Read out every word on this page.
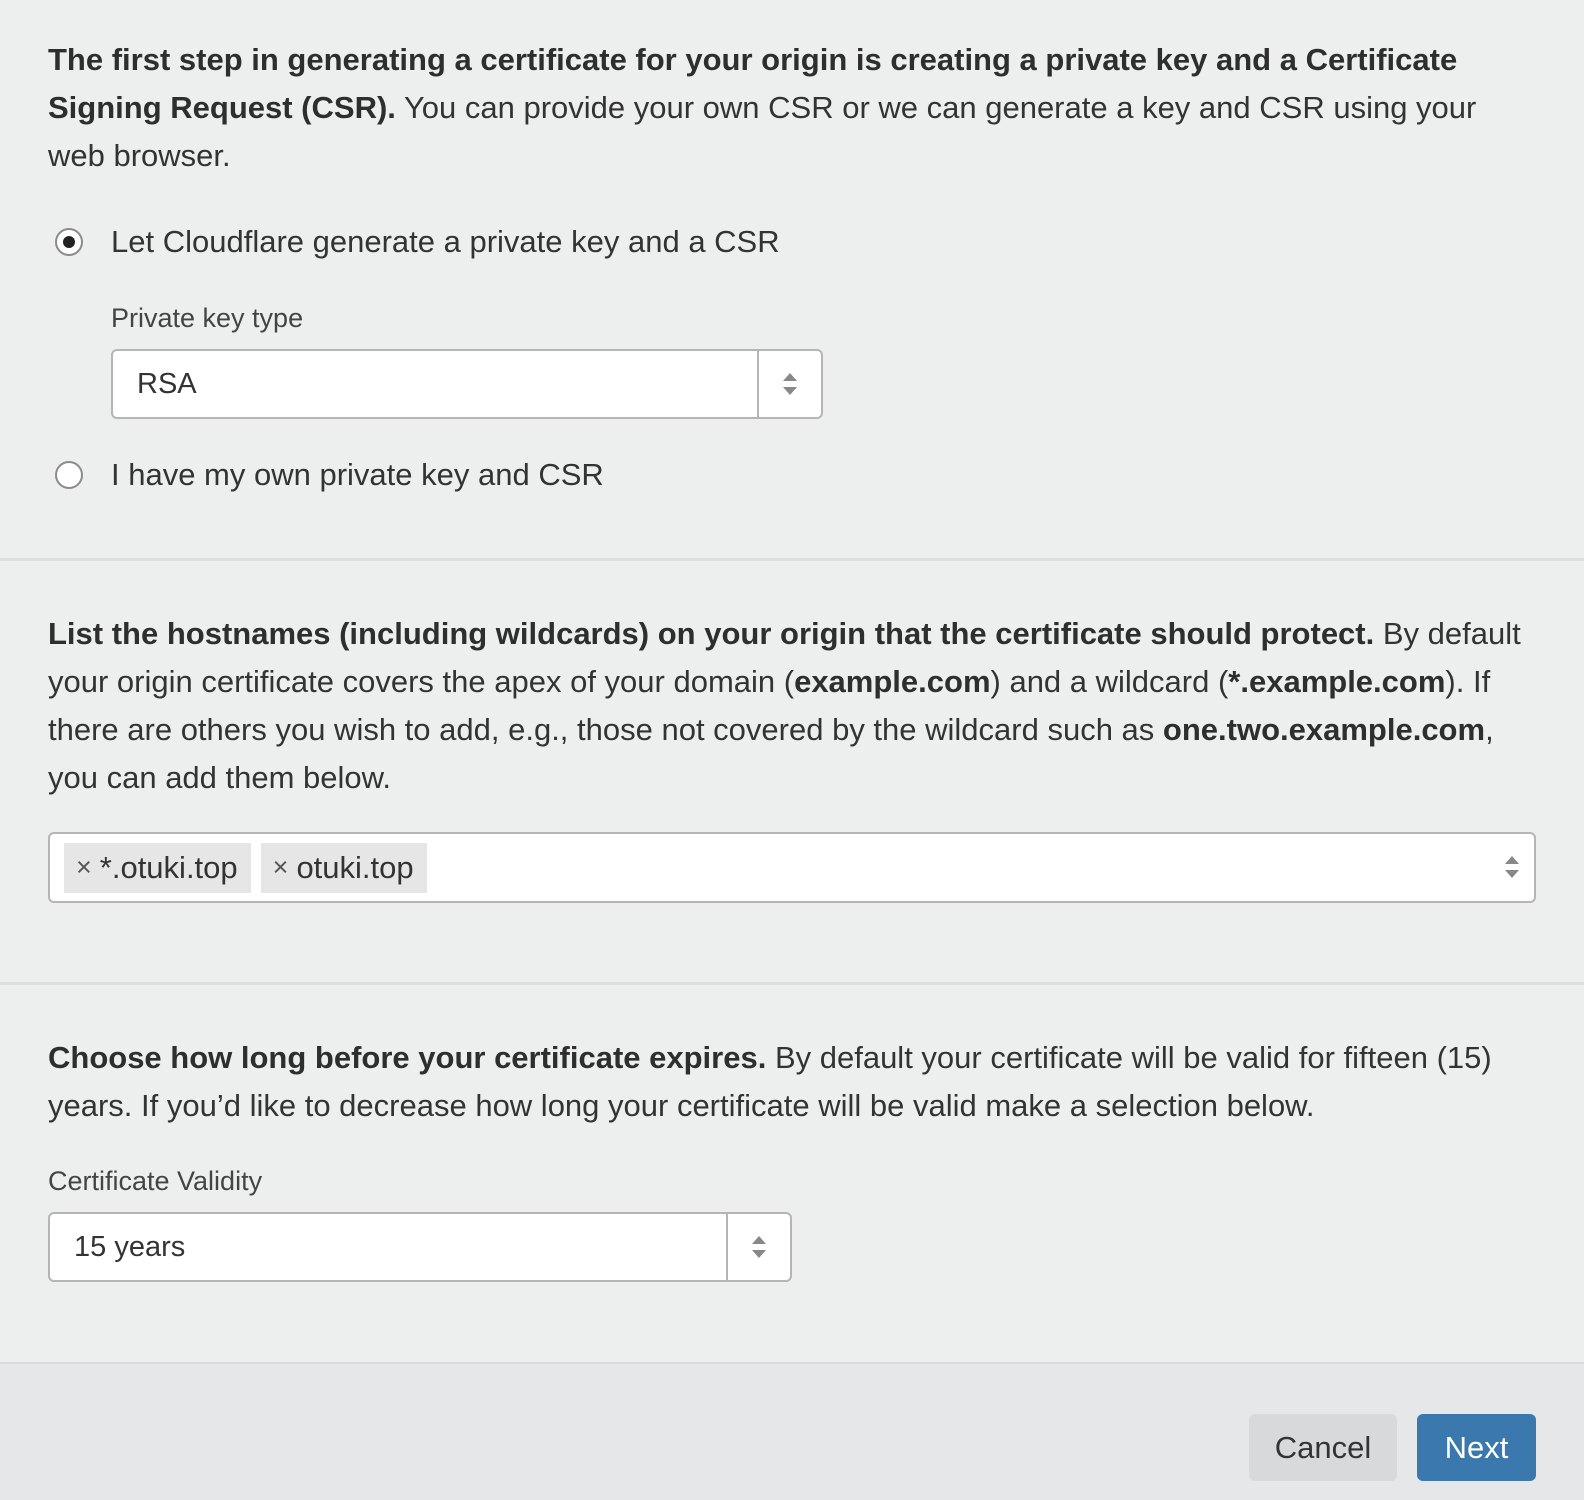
The first step in generating a certificate for your origin is creating a private key and a Certificate Signing Request (CSR). You can provide your own CSR or we can generate a key and CSR using your web browser.

Let Cloudflare generate a private key and a CSR
Private key type
RSA
I have my own private key and CSR

List the hostnames (including wildcards) on your origin that the certificate should protect. By default your origin certificate covers the apex of your domain (example.com) and a wildcard (*.example.com). If there are others you wish to add, e.g., those not covered by the wildcard such as one.two.example.com, you can add them below.

× *.otuki.top × otuki.top

Choose how long before your certificate expires. By default your certificate will be valid for fifteen (15) years. If you’d like to decrease how long your certificate will be valid make a selection below.

Certificate Validity
15 years
Cancel	Next
